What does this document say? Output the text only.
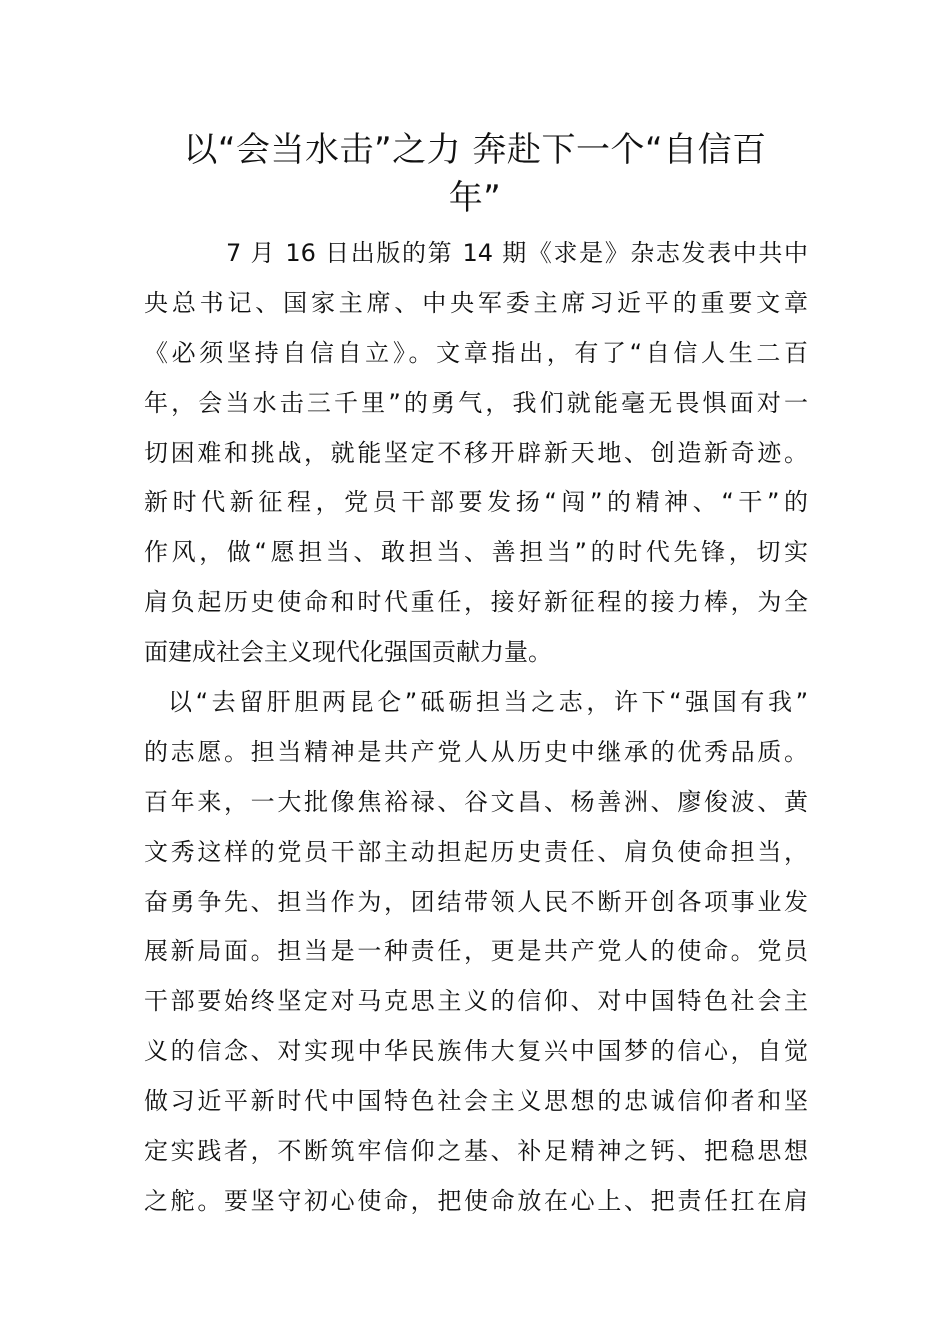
以“会当水击”之力 奔赴下一个“自信百
年”
7 月 16 日出版的第 14 期《求是》杂志发表中共中
央总书记、国家主席、中央军委主席习近平的重要文章
《必须坚持自信自立》。文章指出，有了“自信人生二百
年，会当水击三千里”的勇气，我们就能毫无畏惧面对一
切困难和挑战，就能坚定不移开辟新天地、创造新奇迹。
新时代新征程，党员干部要发扬“闯”的精神、“干”的
作风，做“愿担当、敢担当、善担当”的时代先锋，切实
肩负起历史使命和时代重任，接好新征程的接力棒，为全
面建成社会主义现代化强国贡献力量。
以“去留肝胆两昆仑”砥砺担当之志，许下“强国有我”
的志愿。担当精神是共产党人从历史中继承的优秀品质。
百年来，一大批像焦裕禄、谷文昌、杨善洲、廖俊波、黄
文秀这样的党员干部主动担起历史责任、肩负使命担当，
奋勇争先、担当作为，团结带领人民不断开创各项事业发
展新局面。担当是一种责任，更是共产党人的使命。党员
干部要始终坚定对马克思主义的信仰、对中国特色社会主
义的信念、对实现中华民族伟大复兴中国梦的信心，自觉
做习近平新时代中国特色社会主义思想的忠诚信仰者和坚
定实践者，不断筑牢信仰之基、补足精神之钙、把稳思想
之舵。要坚守初心使命，把使命放在心上、把责任扛在肩
